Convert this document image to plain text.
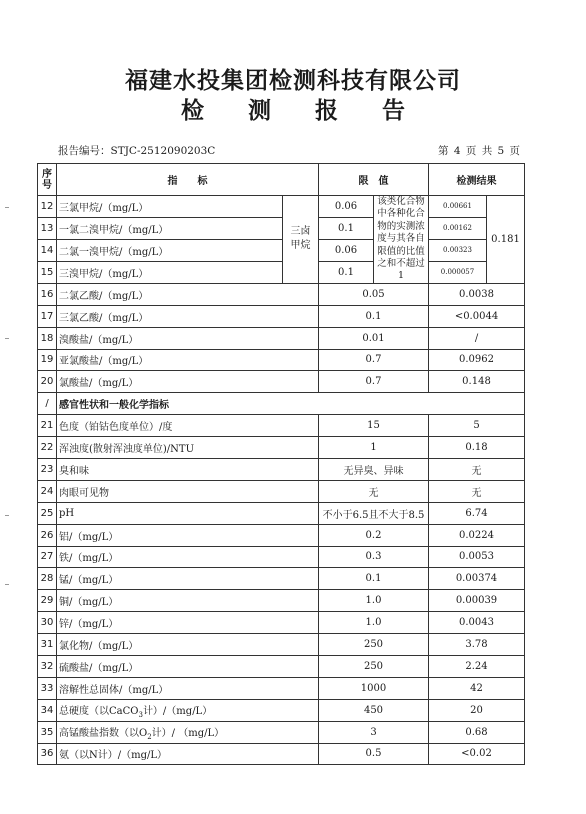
福建水投集团检测科技有限公司
检 测 报 告
报告编号：STJC-2512090203C	第 4 页 共 5 页
序号	指　　标		限　值		检测结果	
12	三氯甲烷/（mg/L）	三卤甲烷	0.06	该类化合物中各种化合物的实测浓度与其各自限值的比值之和不超过1	0.00661	0.181
13	一氯二溴甲烷/（mg/L）		0.1		0.00162	
14	二氯一溴甲烷/（mg/L）		0.06		0.00323	
15	三溴甲烷/（mg/L）		0.1		0.000057	
16	二氯乙酸/（mg/L）		0.05		0.0038	
17	三氯乙酸/（mg/L）		0.1		<0.0044	
18	溴酸盐/（mg/L）		0.01		/	
19	亚氯酸盐/（mg/L）		0.7		0.0962	
20	氯酸盐/（mg/L）		0.7		0.148	
/	感官性状和一般化学指标					
21	色度（铂钴色度单位）/度		15		5	
22	浑浊度(散射浑浊度单位)/NTU		1		0.18	
23	臭和味		无异臭、异味		无	
24	肉眼可见物		无		无	
25	pH		不小于6.5且不大于8.5		6.74	
26	铝/（mg/L）		0.2		0.0224	
27	铁/（mg/L）		0.3		0.0053	
28	锰/（mg/L）		0.1		0.00374	
29	铜/（mg/L）		1.0		0.00039	
30	锌/（mg/L）		1.0		0.0043	
31	氯化物/（mg/L）		250		3.78	
32	硫酸盐/（mg/L）		250		2.24	
33	溶解性总固体/（mg/L）		1000		42	
34	总硬度（以CaCO$_3$计）/（mg/L）		450		20	
35	高锰酸盐指数（以$O_2$计）/ （mg/L）		3		0.68	
36	氨（以N计）/（mg/L）		0.5		<0.02	
